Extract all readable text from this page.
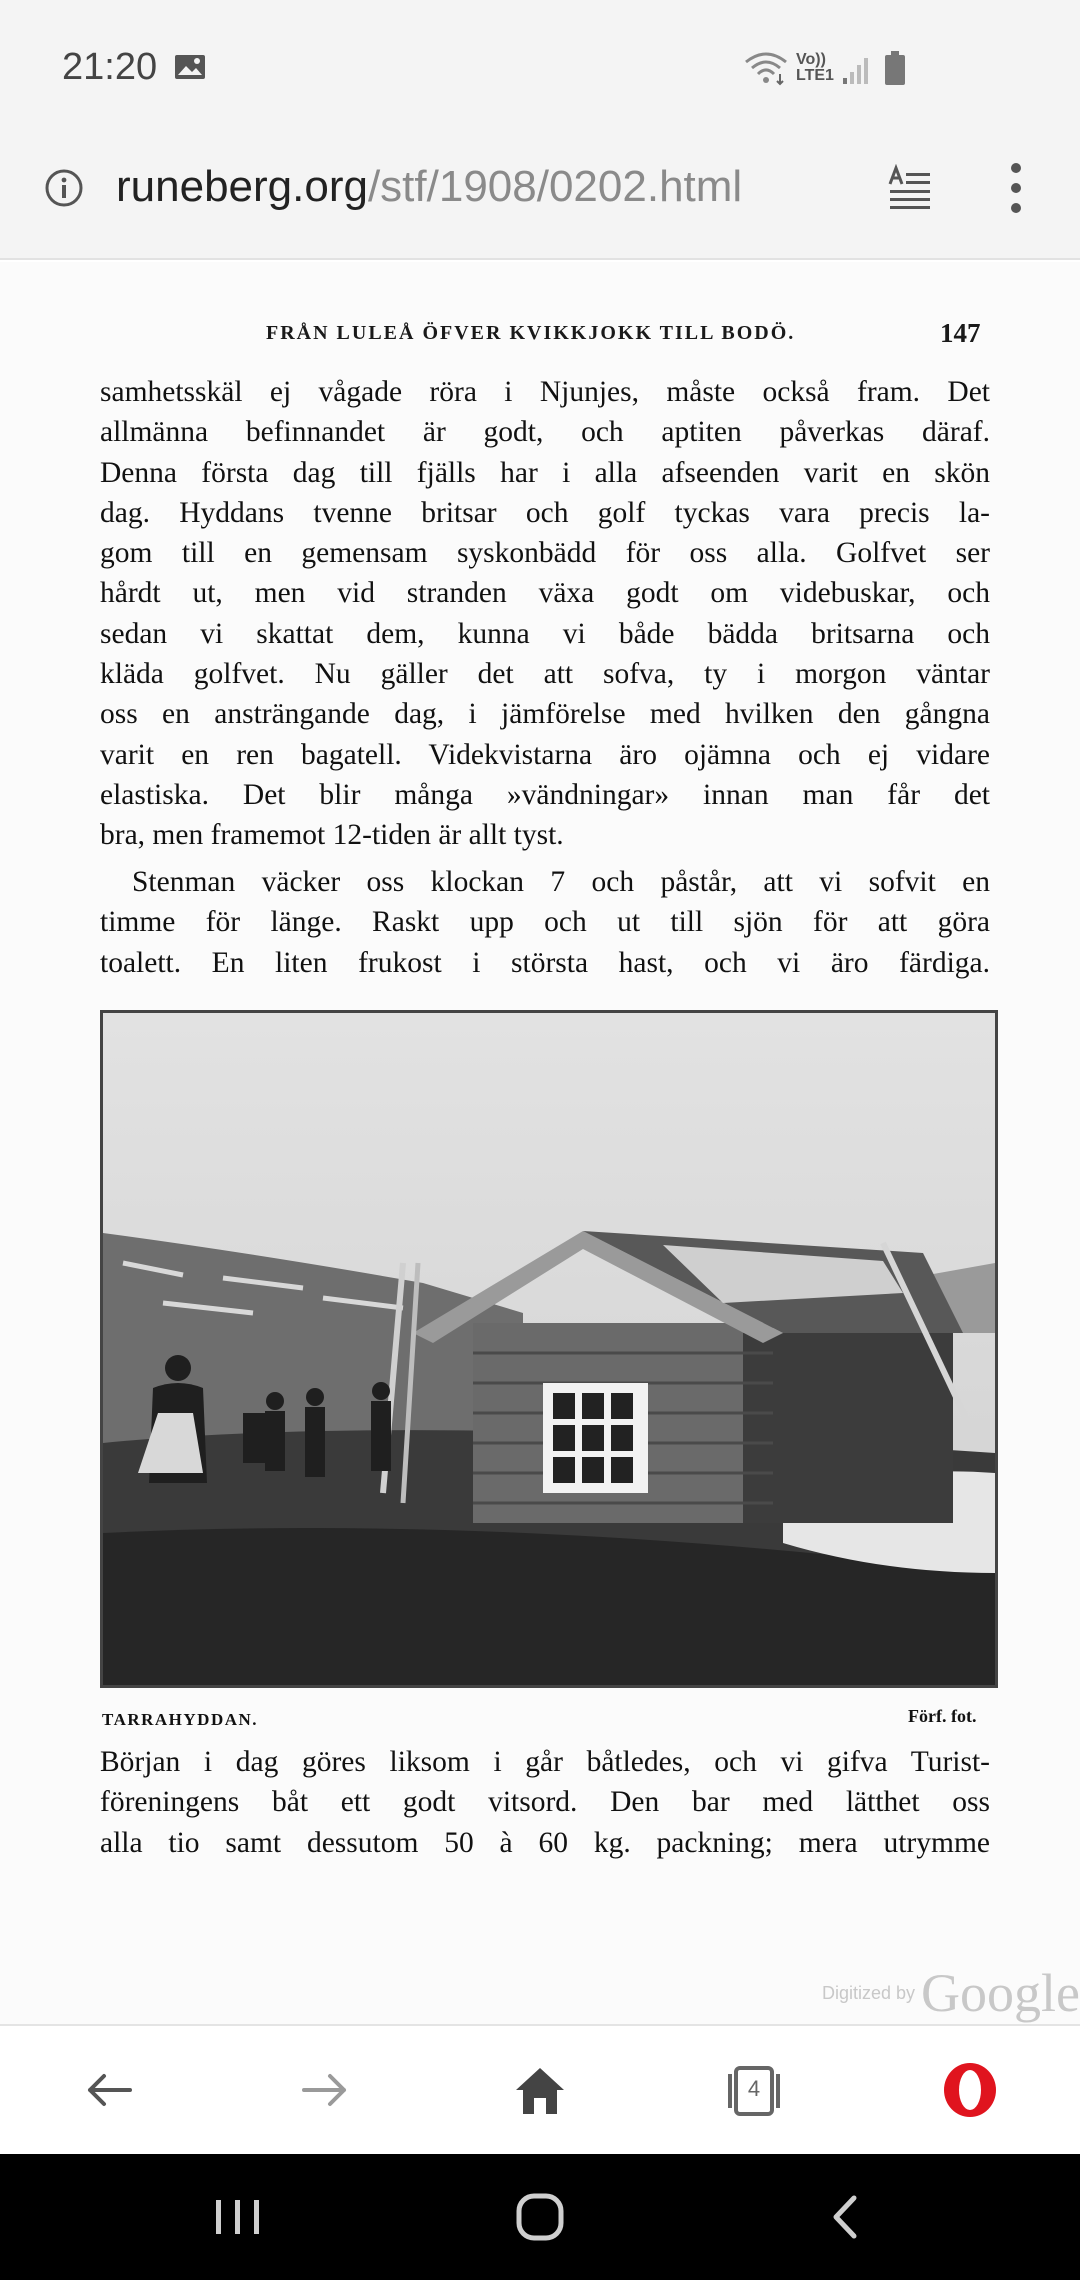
21:20	Vo))
LTE1
runeberg.org/stf/1908/0202.html
FRÅN LULEÅ ÖFVER KVIKKJOKK TILL BODÖ.	147
samhetsskäl ej vågade röra i Njunjes, måste också fram. Det
allmänna befinnandet är godt, och aptiten påverkas däraf.
Denna första dag till fjälls har i alla afseenden varit en skön
dag. Hyddans tvenne britsar och golf tyckas vara precis la-
gom till en gemensam syskonbädd för oss alla. Golfvet ser
hårdt ut, men vid stranden växa godt om videbuskar, och
sedan vi skattat dem, kunna vi både bädda britsarna och
kläda golfvet. Nu gäller det att sofva, ty i morgon väntar
oss en ansträngande dag, i jämförelse med hvilken den gångna
varit en ren bagatell. Videkvistarna äro ojämna och ej vidare
elastiska. Det blir många »vändningar» innan man får det
bra, men framemot 12-tiden är allt tyst.
Stenman väcker oss klockan 7 och påstår, att vi sofvit en
timme för länge. Raskt upp och ut till sjön för att göra
toalett. En liten frukost i största hast, och vi äro färdiga.
TARRAHYDDAN.	Förf. fot.
Början i dag göres liksom i går båtledes, och vi gifva Turist-
föreningens båt ett godt vitsord. Den bar med lätthet oss
alla tio samt dessutom 50 à 60 kg. packning; mera utrymme
Digitized by Google
4
